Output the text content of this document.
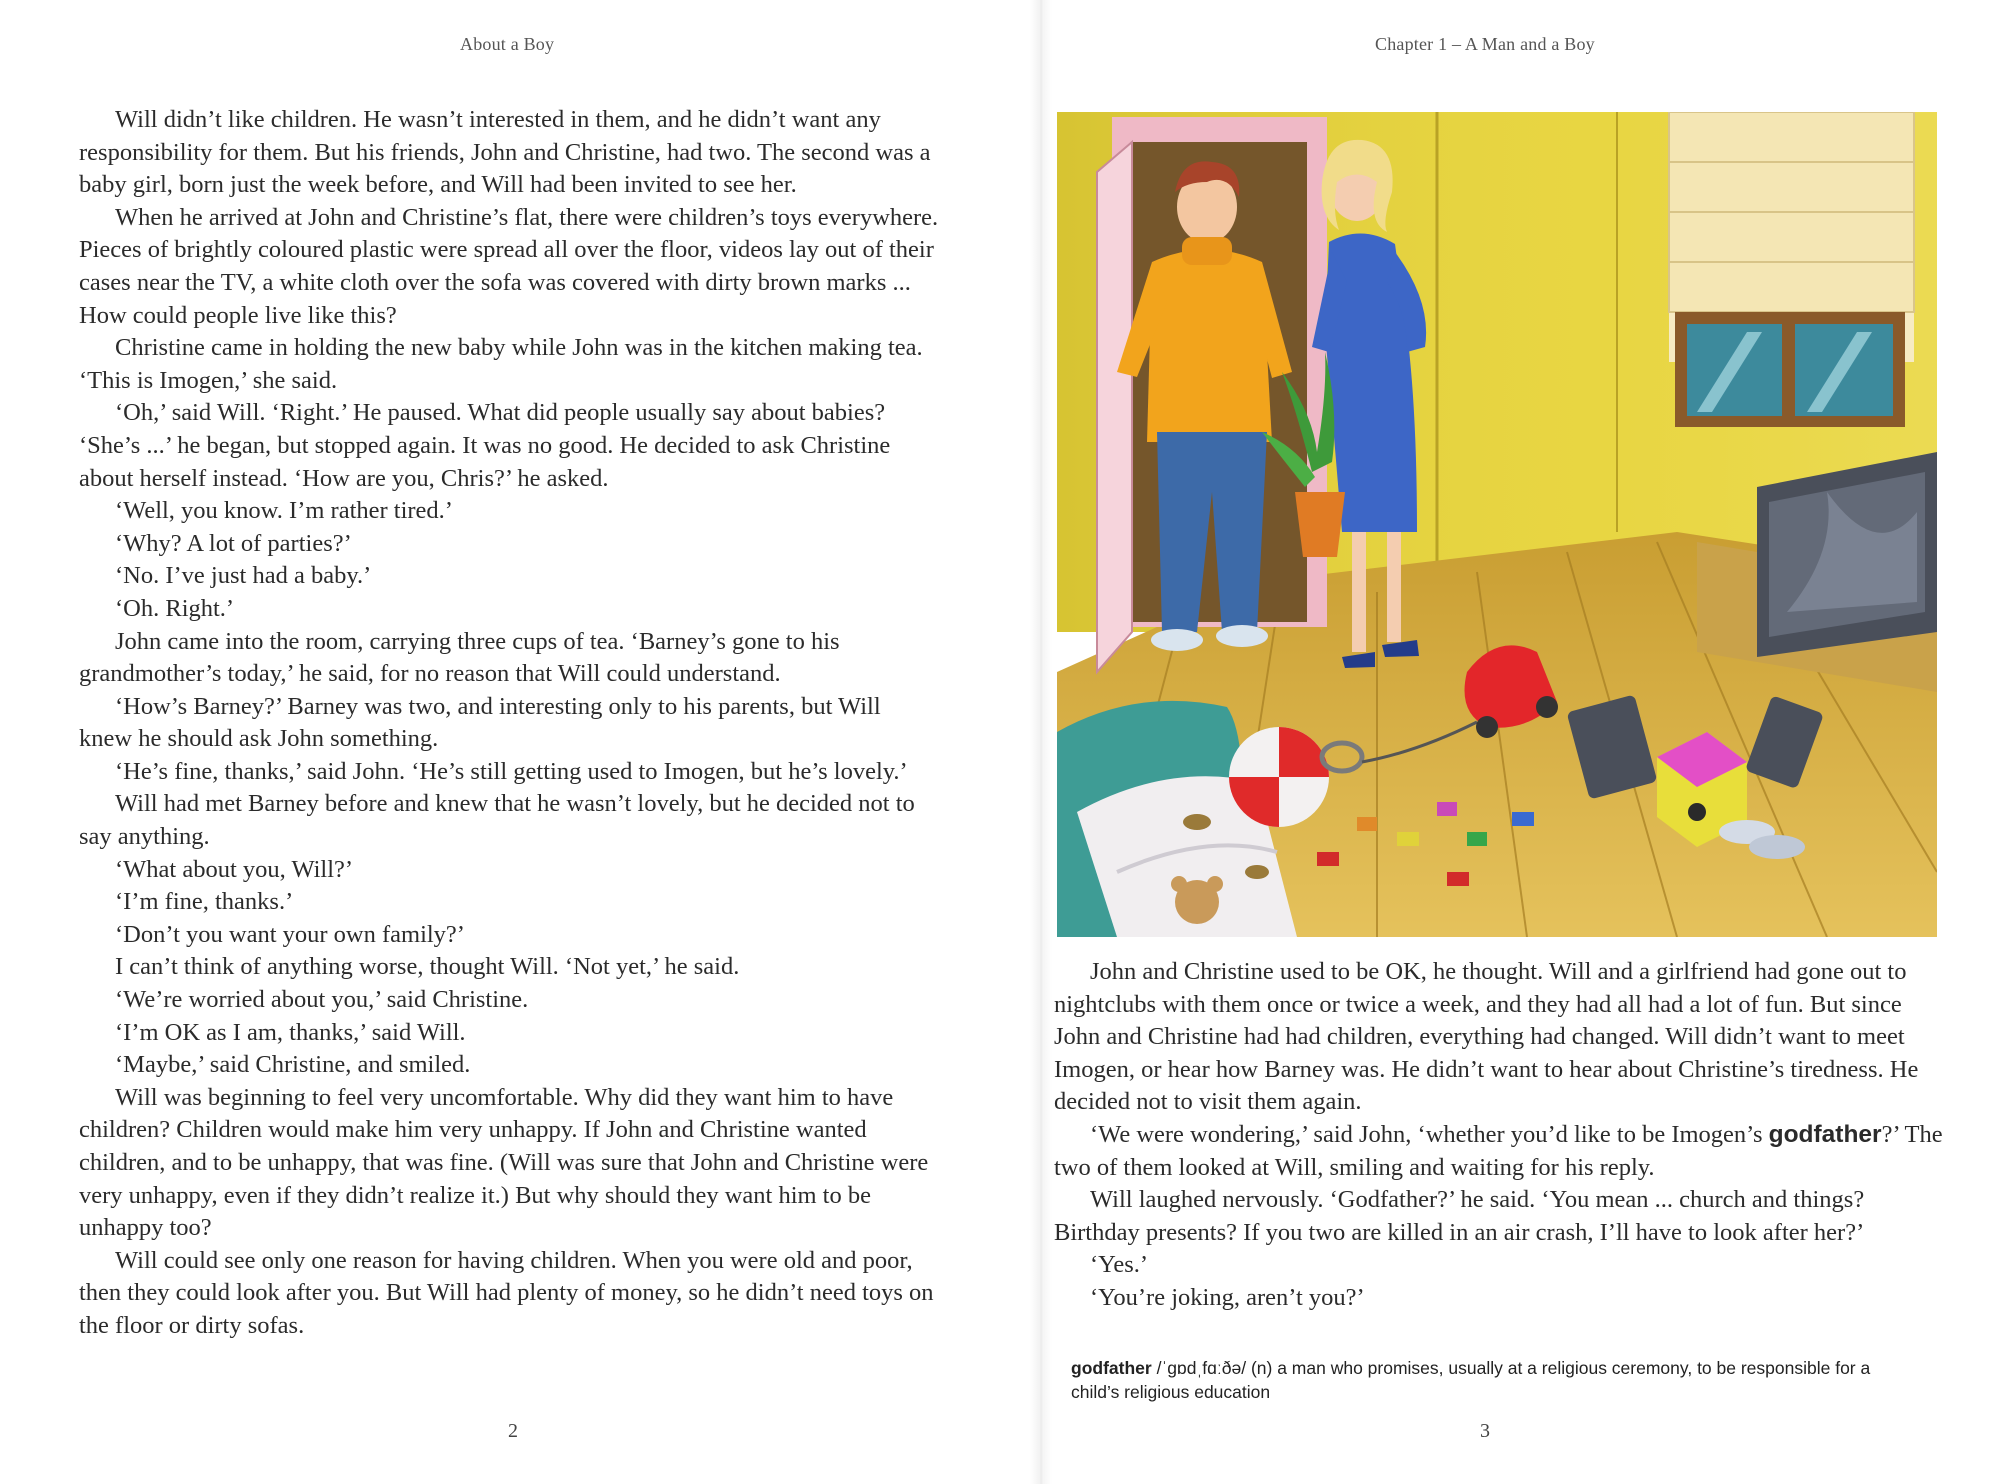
About a Boy

Will didn’t like children. He wasn’t interested in them, and he didn’t want any responsibility for them. But his friends, John and Christine, had two. The second was a baby girl, born just the week before, and Will had been invited to see her.

When he arrived at John and Christine’s flat, there were children’s toys everywhere. Pieces of brightly coloured plastic were spread all over the floor, videos lay out of their cases near the TV, a white cloth over the sofa was covered with dirty brown marks ... How could people live like this?

Christine came in holding the new baby while John was in the kitchen making tea. ‘This is Imogen,’ she said.

‘Oh,’ said Will. ‘Right.’ He paused. What did people usually say about babies? ‘She’s ...’ he began, but stopped again. It was no good. He decided to ask Christine about herself instead. ‘How are you, Chris?’ he asked.

‘Well, you know. I’m rather tired.’

‘Why? A lot of parties?’

‘No. I’ve just had a baby.’

‘Oh. Right.’

John came into the room, carrying three cups of tea. ‘Barney’s gone to his grandmother’s today,’ he said, for no reason that Will could understand.

‘How’s Barney?’ Barney was two, and interesting only to his parents, but Will knew he should ask John something.

‘He’s fine, thanks,’ said John. ‘He’s still getting used to Imogen, but he’s lovely.’

Will had met Barney before and knew that he wasn’t lovely, but he decided not to say anything.

‘What about you, Will?’

‘I’m fine, thanks.’

‘Don’t you want your own family?’

I can’t think of anything worse, thought Will. ‘Not yet,’ he said.

‘We’re worried about you,’ said Christine.

‘I’m OK as I am, thanks,’ said Will.

‘Maybe,’ said Christine, and smiled.

Will was beginning to feel very uncomfortable. Why did they want him to have children? Children would make him very unhappy. If John and Christine wanted children, and to be unhappy, that was fine. (Will was sure that John and Christine were very unhappy, even if they didn’t realize it.) But why should they want him to be unhappy too?

Will could see only one reason for having children. When you were old and poor, then they could look after you. But Will had plenty of money, so he didn’t need toys on the floor or dirty sofas.

2
Chapter 1 – A Man and a Boy

John and Christine used to be OK, he thought. Will and a girlfriend had gone out to nightclubs with them once or twice a week, and they had all had a lot of fun. But since John and Christine had had children, everything had changed. Will didn’t want to meet Imogen, or hear how Barney was. He didn’t want to hear about Christine’s tiredness. He decided not to visit them again.

‘We were wondering,’ said John, ‘whether you’d like to be Imogen’s godfather?’ The two of them looked at Will, smiling and waiting for his reply.

Will laughed nervously. ‘Godfather?’ he said. ‘You mean ... church and things? Birthday presents? If you two are killed in an air crash, I’ll have to look after her?’

‘Yes.’

‘You’re joking, aren’t you?’

godfather /ˈɡɒdˌfɑːðə/ (n) a man who promises, usually at a religious ceremony, to be responsible for a child’s religious education
3
